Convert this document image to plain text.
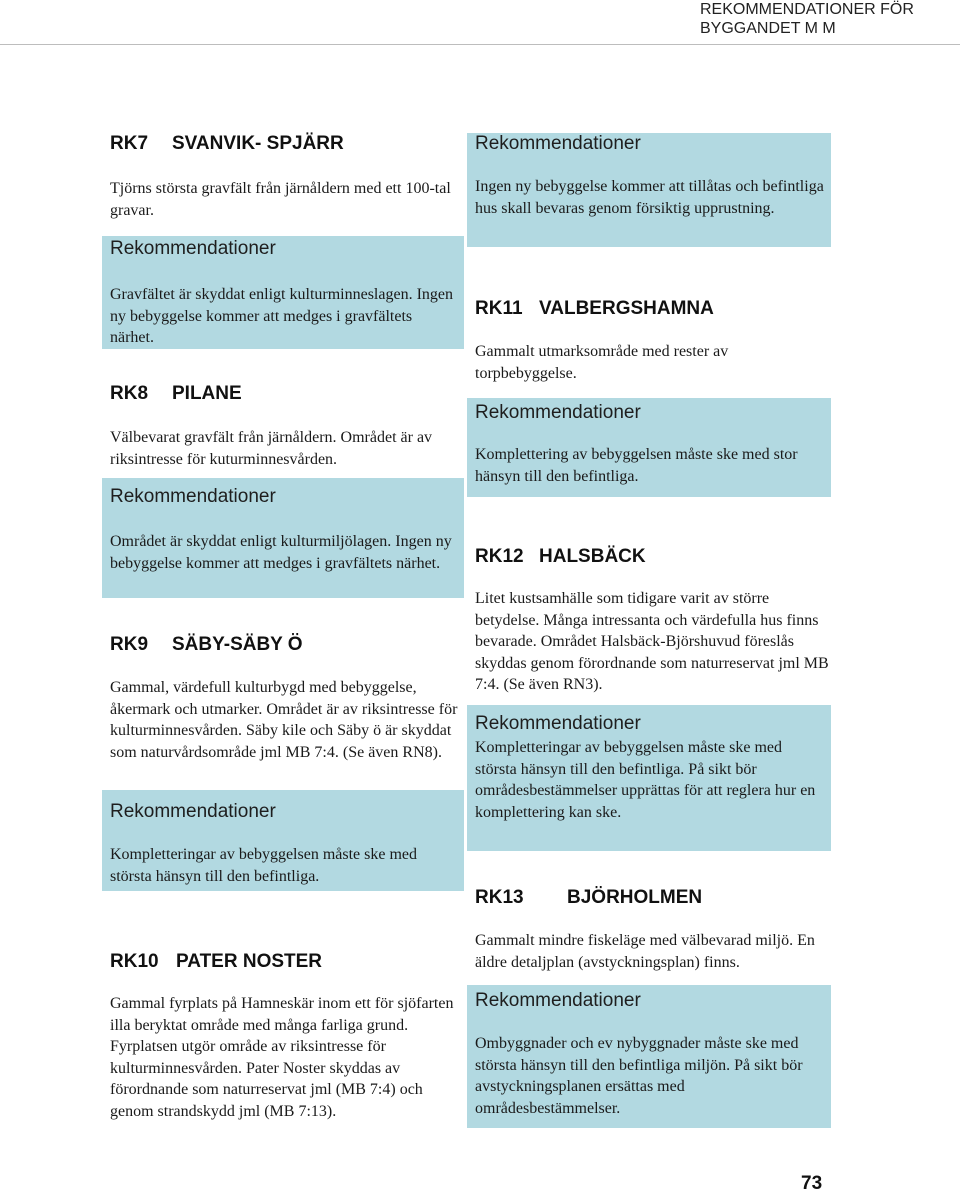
REKOMMENDATIONER FÖR
BYGGANDET M M
RK7 SVANVIK- SPJÄRR
Tjörns största gravfält från järnåldern med ett 100-tal gravar.
Rekommendationer
Gravfältet är skyddat enligt kulturminneslagen. Ingen ny bebyggelse kommer att medges i gravfältets närhet.
RK8 PILANE
Välbevarat gravfält från järnåldern. Området är av riksintresse för kuturminnesvården.
Rekommendationer
Området är skyddat enligt kulturmiljölagen. Ingen ny bebyggelse kommer att medges i gravfältets närhet.
RK9 SÄBY-SÄBY Ö
Gammal, värdefull kulturbygd med bebyggelse, åkermark och utmarker. Området är av riksintresse för kulturminnesvården. Säby kile och Säby ö är skyddat som naturvårdsområde jml MB 7:4. (Se även RN8).
Rekommendationer
Kompletteringar av bebyggelsen måste ske med största hänsyn till den befintliga.
RK10 PATER NOSTER
Gammal fyrplats på Hamneskär inom ett för sjöfarten illa beryktat område med många farliga grund. Fyrplatsen utgör område av riksintresse för kulturminnesvården. Pater Noster skyddas av förordnande som naturreservat jml (MB 7:4) och genom strandskydd jml (MB 7:13).
Rekommendationer
Ingen ny bebyggelse kommer att tillåtas och befintliga hus skall bevaras genom försiktig upprustning.
RK11 VALBERGSHAMNA
Gammalt utmarksområde med rester av torpbebyggelse.
Rekommendationer
Komplettering av bebyggelsen måste ske med stor hänsyn till den befintliga.
RK12 HALSBÄCK
Litet kustsamhälle som tidigare varit av större betydelse. Många intressanta och värdefulla hus finns bevarade. Området Halsbäck-Björshuvud föreslås skyddas genom förordnande som naturreservat jml MB 7:4. (Se även RN3).
Rekommendationer
Kompletteringar av bebyggelsen måste ske med största hänsyn till den befintliga. På sikt bör områdesbestämmelser upprättas för att reglera hur en komplettering kan ske.
RK13 BJÖRHOLMEN
Gammalt mindre fiskeläge med välbevarad miljö. En äldre detaljplan (avstyckningsplan) finns.
Rekommendationer
Ombyggnader och ev nybyggnader måste ske med största hänsyn till den befintliga miljön. På sikt bör avstyckningsplanen ersättas med områdesbestämmelser.
73
